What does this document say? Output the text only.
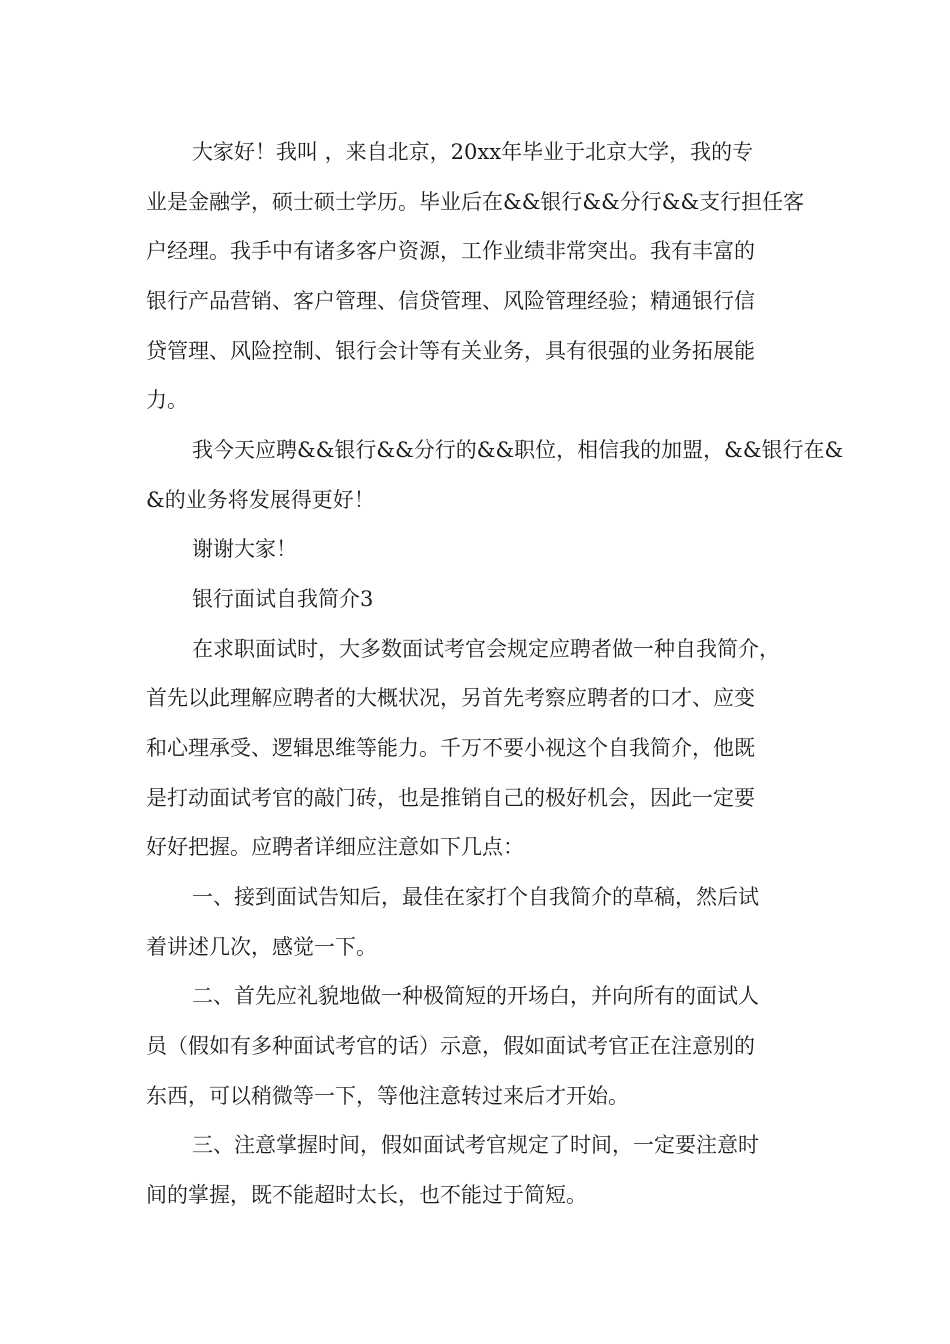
大家好！我叫 ，来自北京，20xx年毕业于北京大学，我的专
业是金融学，硕士硕士学历。毕业后在&&银行&&分行&&支行担任客
户经理。我手中有诸多客户资源，工作业绩非常突出。我有丰富的
银行产品营销、客户管理、信贷管理、风险管理经验；精通银行信
贷管理、风险控制、银行会计等有关业务，具有很强的业务拓展能
力。
我今天应聘&&银行&&分行的&&职位，相信我的加盟，&&银行在&
&的业务将发展得更好！
谢谢大家！
银行面试自我简介3
在求职面试时，大多数面试考官会规定应聘者做一种自我简介，
首先以此理解应聘者的大概状况，另首先考察应聘者的口才、应变
和心理承受、逻辑思维等能力。千万不要小视这个自我简介，他既
是打动面试考官的敲门砖，也是推销自己的极好机会，因此一定要
好好把握。应聘者详细应注意如下几点：
一、接到面试告知后，最佳在家打个自我简介的草稿，然后试
着讲述几次，感觉一下。
二、首先应礼貌地做一种极简短的开场白，并向所有的面试人
员（假如有多种面试考官的话）示意，假如面试考官正在注意别的
东西，可以稍微等一下，等他注意转过来后才开始。
三、注意掌握时间，假如面试考官规定了时间，一定要注意时
间的掌握，既不能超时太长，也不能过于简短。
